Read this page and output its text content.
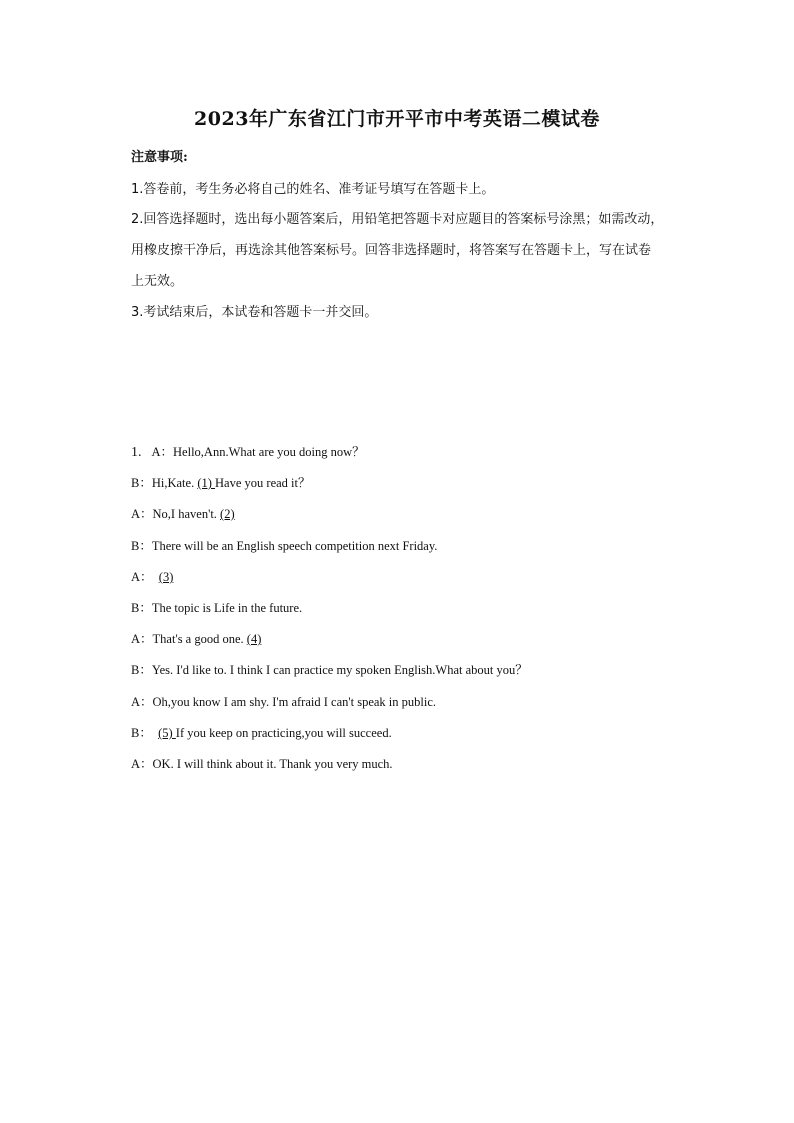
2023年广东省江门市开平市中考英语二模试卷
注意事项:
1.答卷前，考生务必将自己的姓名、准考证号填写在答题卡上。
2.回答选择题时，选出每小题答案后，用铅笔把答题卡对应题目的答案标号涂黑；如需改动，
用橡皮擦干净后，再选涂其他答案标号。回答非选择题时，将答案写在答题卡上，写在试卷
上无效。
3.考试结束后，本试卷和答题卡一并交回。
1. A：Hello,Ann.What are you doing now？
B：Hi,Kate. (1) Have you read it？
A：No,I haven't. (2)
B：There will be an English speech competition next Friday.
A： (3)
B：The topic is Life in the future.
A：That's a good one. (4)
B：Yes. I'd like to. I think I can practice my spoken English.What about you？
A：Oh,you know I am shy. I'm afraid I can't speak in public.
B： (5) If you keep on practicing,you will succeed.
A：OK. I will think about it. Thank you very much.
